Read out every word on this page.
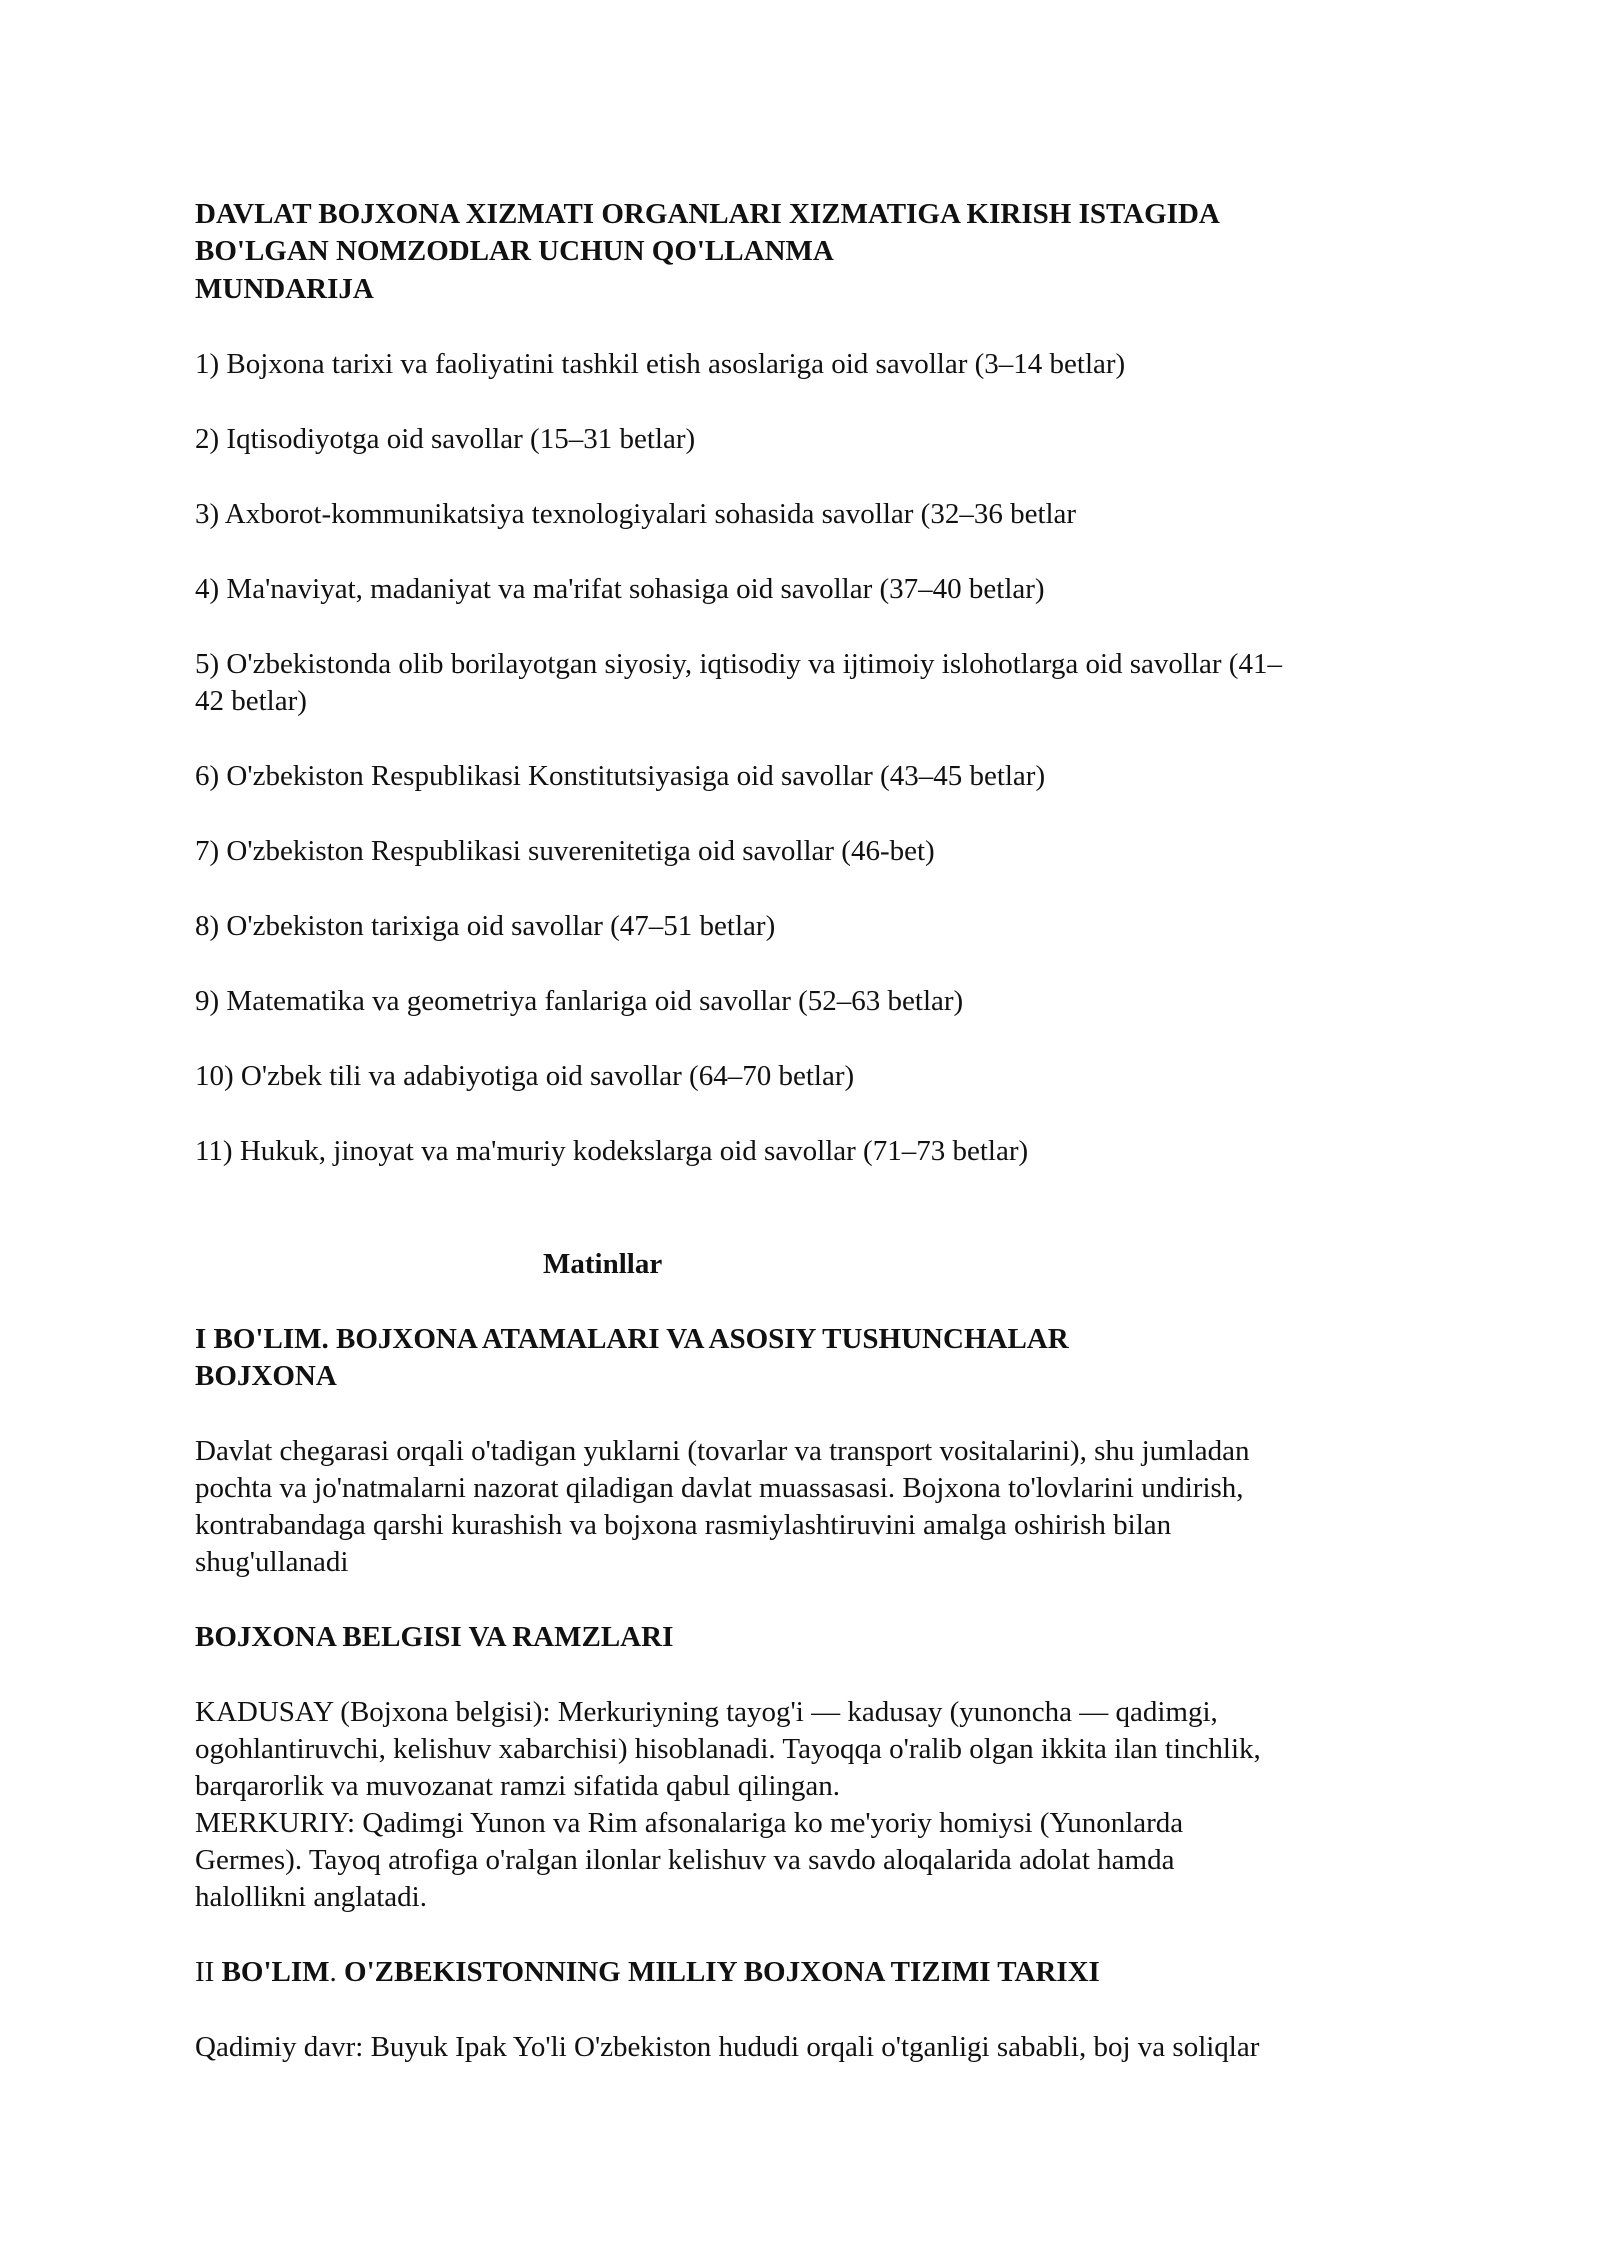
DAVLAT BOJXONA XIZMATI ORGANLARI XIZMATIGA KIRISH ISTAGIDA

BO'LGAN NOMZODLAR UCHUN QO'LLANMA

MUNDARIJA

1) Bojxona tarixi va faoliyatini tashkil etish asoslariga oid savollar (3–14 betlar)

2) Iqtisodiyotga oid savollar (15–31 betlar)

3) Axborot-kommunikatsiya texnologiyalari sohasida savollar (32–36 betlar

4) Ma'naviyat, madaniyat va ma'rifat sohasiga oid savollar (37–40 betlar)

5) O'zbekistonda olib borilayotgan siyosiy, iqtisodiy va ijtimoiy islohotlarga oid savollar (41–

42 betlar)

6) O'zbekiston Respublikasi Konstitutsiyasiga oid savollar (43–45 betlar)

7) O'zbekiston Respublikasi suverenitetiga oid savollar (46-bet)

8) O'zbekiston tarixiga oid savollar (47–51 betlar)

9) Matematika va geometriya fanlariga oid savollar (52–63 betlar)

10) O'zbek tili va adabiyotiga oid savollar (64–70 betlar)

11) Hukuk, jinoyat va ma'muriy kodekslarga oid savollar (71–73 betlar)

Matinllar

I BO'LIM. BOJXONA ATAMALARI VA ASOSIY TUSHUNCHALAR

BOJXONA

Davlat chegarasi orqali o'tadigan yuklarni (tovarlar va transport vositalarini), shu jumladan

pochta va jo'natmalarni nazorat qiladigan davlat muassasasi. Bojxona to'lovlarini undirish,

kontrabandaga qarshi kurashish va bojxona rasmiylashtiruvini amalga oshirish bilan

shug'ullanadi

BOJXONA BELGISI VA RAMZLARI

KADUSAY (Bojxona belgisi): Merkuriyning tayog'i — kadusay (yunoncha — qadimgi,

ogohlantiruvchi, kelishuv xabarchisi) hisoblanadi. Tayoqqa o'ralib olgan ikkita ilan tinchlik,

barqarorlik va muvozanat ramzi sifatida qabul qilingan.

MERKURIY: Qadimgi Yunon va Rim afsonalariga ko me'yoriy homiysi (Yunonlarda

Germes). Tayoq atrofiga o'ralgan ilonlar kelishuv va savdo aloqalarida adolat hamda

halollikni anglatadi.

II BO'LIM. O'ZBEKISTONNING MILLIY BOJXONA TIZIMI TARIXI

Qadimiy davr: Buyuk Ipak Yo'li O'zbekiston hududi orqali o'tganligi sababli, boj va soliqlar
